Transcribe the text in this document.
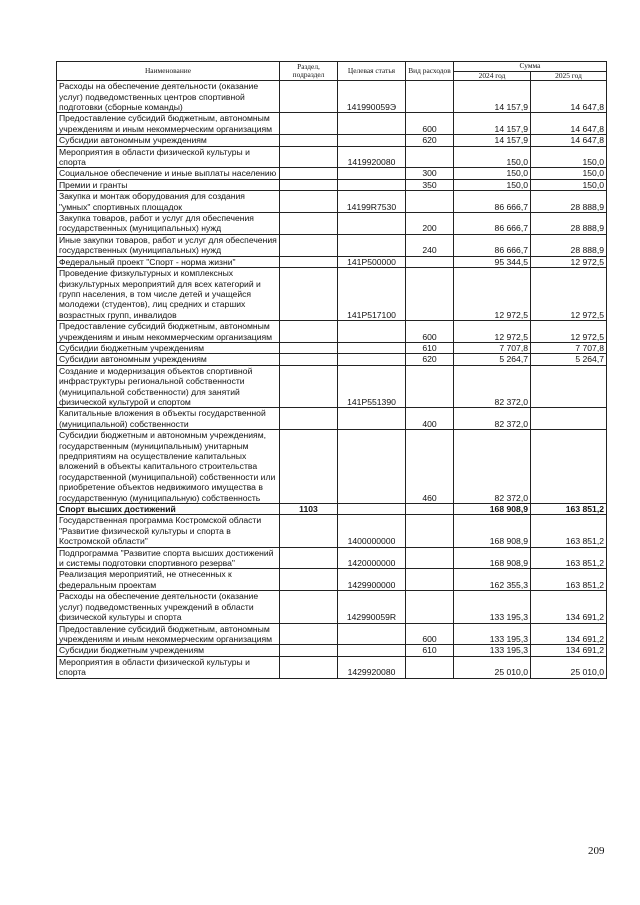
Наименование	Раздел, подраздел	Целевая статья	Вид расходов	Сумма	
				2024 год	2025 год
Расходы на обеспечение деятельности (оказание услуг) подведомственных центров спортивной подготовки (сборные команды)		141990059Э		14 157,9	14 647,8
Предоставление субсидий бюджетным, автономным учреждениям и иным некоммерческим организациям			600	14 157,9	14 647,8
Субсидии автономным учреждениям			620	14 157,9	14 647,8
Мероприятия в области физической культуры и спорта		1419920080		150,0	150,0
Социальное обеспечение и иные выплаты населению			300	150,0	150,0
Премии и гранты			350	150,0	150,0
Закупка и монтаж оборудования для создания "умных" спортивных площадок		14199R7530		86 666,7	28 888,9
Закупка товаров, работ и услуг для обеспечения государственных (муниципальных) нужд			200	86 666,7	28 888,9
Иные закупки товаров, работ и услуг для обеспечения государственных (муниципальных) нужд			240	86 666,7	28 888,9
Федеральный проект "Спорт - норма жизни"		141P500000		95 344,5	12 972,5
Проведение физкультурных и комплексных физкультурных мероприятий для всех категорий и групп населения, в том числе детей и учащейся молодежи (студентов), лиц средних и старших возрастных групп, инвалидов		141P517100		12 972,5	12 972,5
Предоставление субсидий бюджетным, автономным учреждениям и иным некоммерческим организациям			600	12 972,5	12 972,5
Субсидии бюджетным учреждениям			610	7 707,8	7 707,8
Субсидии автономным учреждениям			620	5 264,7	5 264,7
Создание и модернизация объектов спортивной инфраструктуры региональной собственности (муниципальной собственности) для занятий физической культурой и спортом		141P551390		82 372,0	
Капитальные вложения в объекты государственной (муниципальной) собственности			400	82 372,0	
Субсидии бюджетным и автономным учреждениям, государственным (муниципальным) унитарным предприятиям на осуществление капитальных вложений в объекты капитального строительства государственной (муниципальной) собственности или приобретение объектов недвижимого имущества в государственную (муниципальную) собственность			460	82 372,0	
Спорт высших достижений	1103			168 908,9	163 851,2
Государственная программа Костромской области "Развитие физической культуры и спорта в Костромской области"		1400000000		168 908,9	163 851,2
Подпрограмма "Развитие спорта высших достижений и системы подготовки спортивного резерва"		1420000000		168 908,9	163 851,2
Реализация мероприятий, не отнесенных к федеральным проектам		1429900000		162 355,3	163 851,2
Расходы на обеспечение деятельности (оказание услуг) подведомственных учреждений в области физической культуры и спорта		142990059R		133 195,3	134 691,2
Предоставление субсидий бюджетным, автономным учреждениям и иным некоммерческим организациям			600	133 195,3	134 691,2
Субсидии бюджетным учреждениям			610	133 195,3	134 691,2
Мероприятия в области физической культуры и спорта		1429920080		25 010,0	25 010,0
209
